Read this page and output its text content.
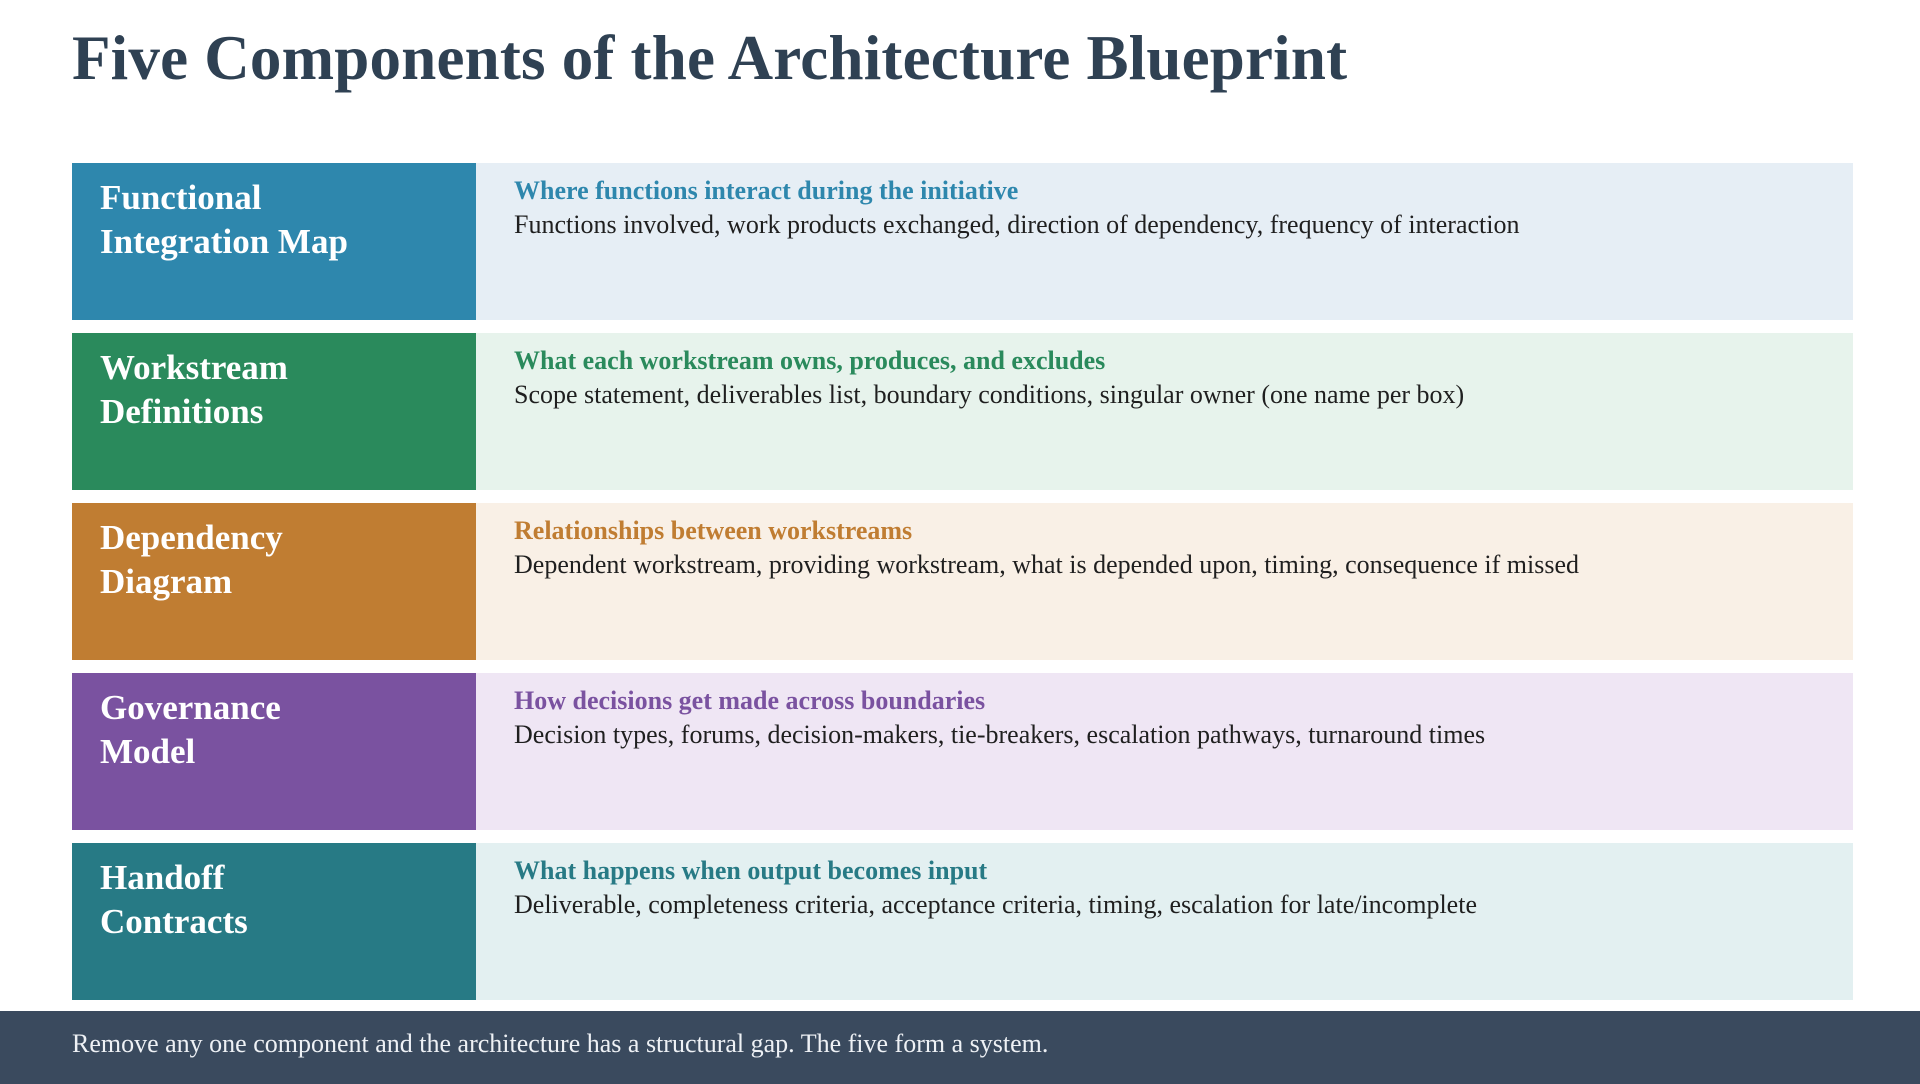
Five Components of the Architecture Blueprint
Functional
Integration Map
Where functions interact during the initiative
Functions involved, work products exchanged, direction of dependency, frequency of interaction
Workstream
Definitions
What each workstream owns, produces, and excludes
Scope statement, deliverables list, boundary conditions, singular owner (one name per box)
Dependency
Diagram
Relationships between workstreams
Dependent workstream, providing workstream, what is depended upon, timing, consequence if missed
Governance
Model
How decisions get made across boundaries
Decision types, forums, decision-makers, tie-breakers, escalation pathways, turnaround times
Handoff
Contracts
What happens when output becomes input
Deliverable, completeness criteria, acceptance criteria, timing, escalation for late/incomplete
Remove any one component and the architecture has a structural gap. The five form a system.
